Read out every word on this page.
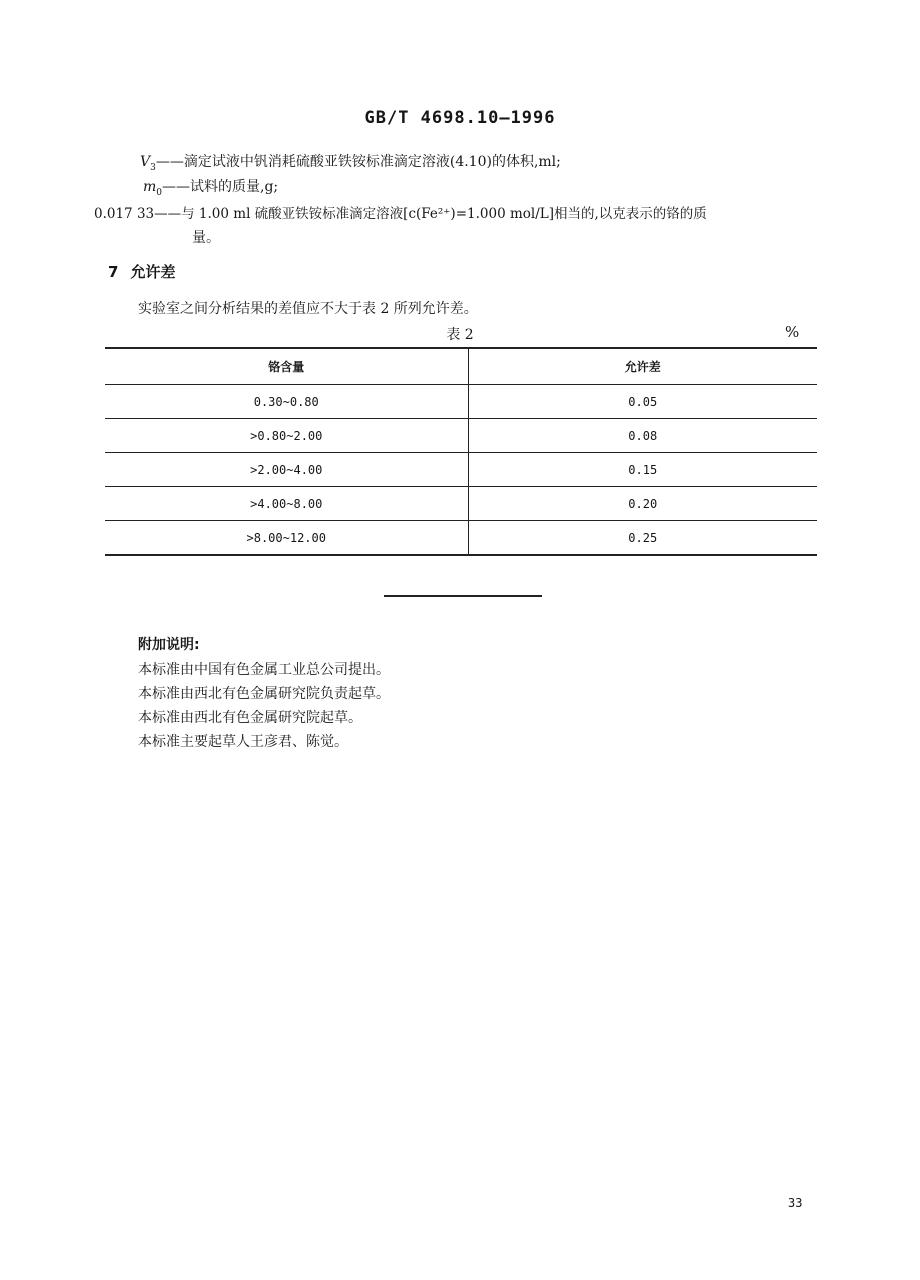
GB/T 4698.10—1996
$V_3——$滴定试液中钒消耗硫酸亚铁铵标准滴定溶液(4.10)的体积,ml;
$m_0——$试料的质量,g;
0.017 33——与 1.00 ml 硫酸亚铁铵标准滴定溶液[c(Fe²⁺)=1.000 mol/L]相当的,以克表示的铬的质
量。
7 允许差
实验室之间分析结果的差值应不大于表 2 所列允许差。
表 2	%
铬含量	允许差
0.30~0.80	0.05
>0.80~2.00	0.08
>2.00~4.00	0.15
>4.00~8.00	0.20
>8.00~12.00	0.25
附加说明:
本标准由中国有色金属工业总公司提出。
本标准由西北有色金属研究院负责起草。
本标准由西北有色金属研究院起草。
本标准主要起草人王彦君、陈觉。
33
